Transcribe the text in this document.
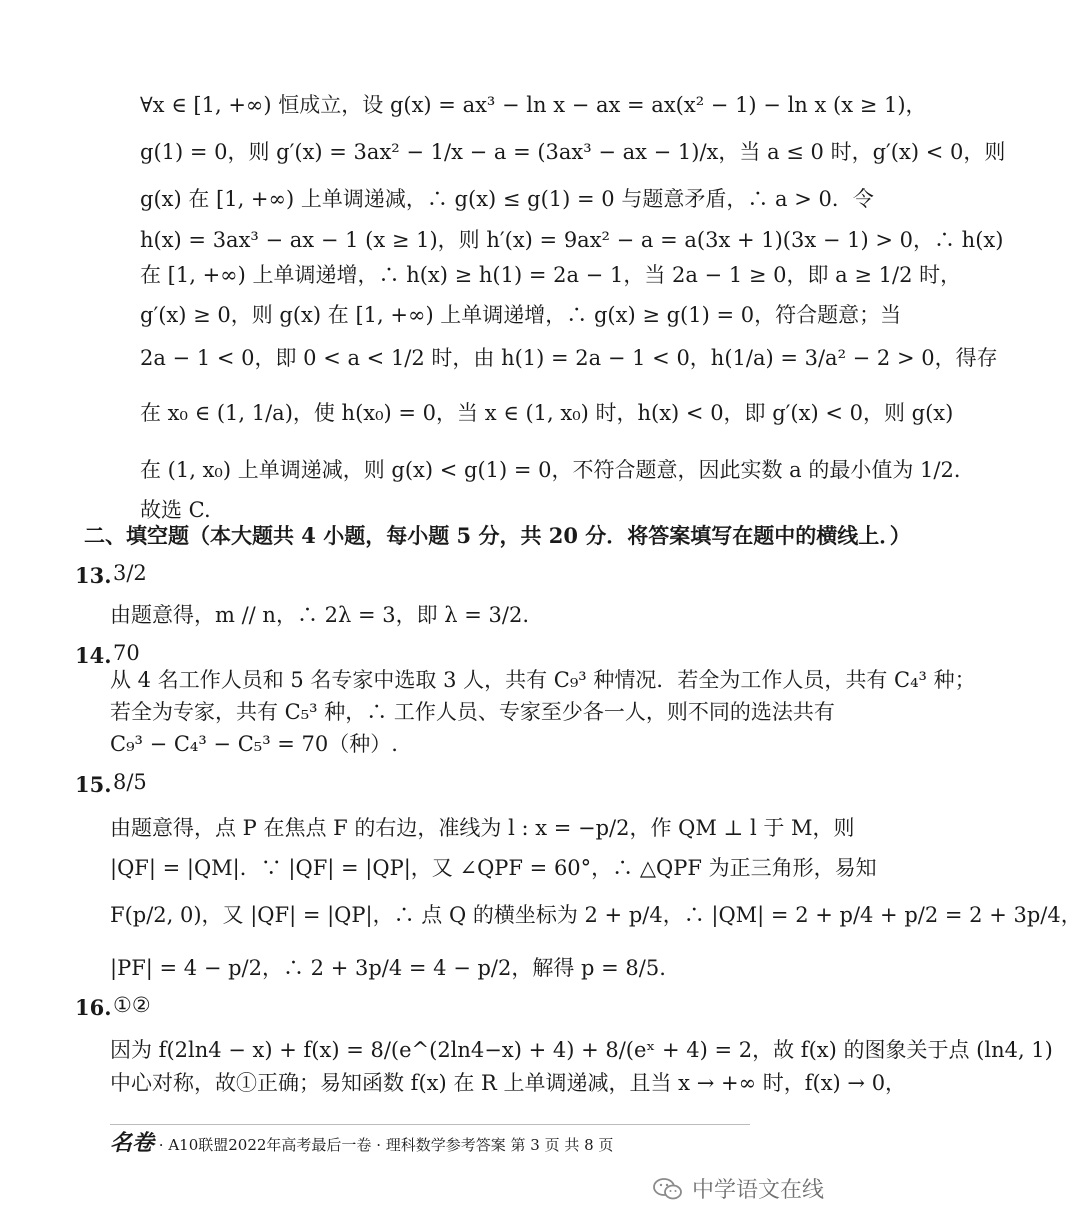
∀x ∈ [1, +∞) 恒成立，设 g(x) = ax³ − ln x − ax = ax(x² − 1) − ln x (x ≥ 1)，
g(1) = 0，则 g′(x) = 3ax² − 1/x − a = (3ax³ − ax − 1)/x，当 a ≤ 0 时，g′(x) < 0，则
g(x) 在 [1, +∞) 上单调递减，∴ g(x) ≤ g(1) = 0 与题意矛盾，∴ a > 0．令
h(x) = 3ax³ − ax − 1 (x ≥ 1)，则 h′(x) = 9ax² − a = a(3x + 1)(3x − 1) > 0，∴ h(x)
在 [1, +∞) 上单调递增，∴ h(x) ≥ h(1) = 2a − 1，当 2a − 1 ≥ 0，即 a ≥ 1/2 时，
g′(x) ≥ 0，则 g(x) 在 [1, +∞) 上单调递增，∴ g(x) ≥ g(1) = 0，符合题意；当
2a − 1 < 0，即 0 < a < 1/2 时，由 h(1) = 2a − 1 < 0，h(1/a) = 3/a² − 2 > 0，得存
在 x₀ ∈ (1, 1/a)，使 h(x₀) = 0，当 x ∈ (1, x₀) 时，h(x) < 0，即 g′(x) < 0，则 g(x)
在 (1, x₀) 上单调递减，则 g(x) < g(1) = 0，不符合题意，因此实数 a 的最小值为 1/2．
故选 C.
二、填空题（本大题共 4 小题，每小题 5 分，共 20 分．将答案填写在题中的横线上．）
13. 3/2
由题意得，m // n，∴ 2λ = 3，即 λ = 3/2.
14. 70
从 4 名工作人员和 5 名专家中选取 3 人，共有 C₉³ 种情况．若全为工作人员，共有 C₄³ 种；
若全为专家，共有 C₅³ 种，∴ 工作人员、专家至少各一人，则不同的选法共有
C₉³ − C₄³ − C₅³ = 70（种）.
15. 8/5
由题意得，点 P 在焦点 F 的右边，准线为 l : x = −p/2，作 QM ⊥ l 于 M，则
|QF| = |QM|．∵ |QF| = |QP|，又 ∠QPF = 60°，∴ △QPF 为正三角形，易知
F(p/2, 0)，又 |QF| = |QP|，∴ 点 Q 的横坐标为 2 + p/4，∴ |QM| = 2 + p/4 + p/2 = 2 + 3p/4，
|PF| = 4 − p/2，∴ 2 + 3p/4 = 4 − p/2，解得 p = 8/5.
16. ①②
因为 f(2ln4 − x) + f(x) = 8/(e^(2ln4−x) + 4) + 8/(eˣ + 4) = 2，故 f(x) 的图象关于点 (ln4, 1)
中心对称，故①正确；易知函数 f(x) 在 R 上单调递减，且当 x → +∞ 时，f(x) → 0，
名卷 · A10联盟2022年高考最后一卷 · 理科数学参考答案 第 3 页 共 8 页
中学语文在线
